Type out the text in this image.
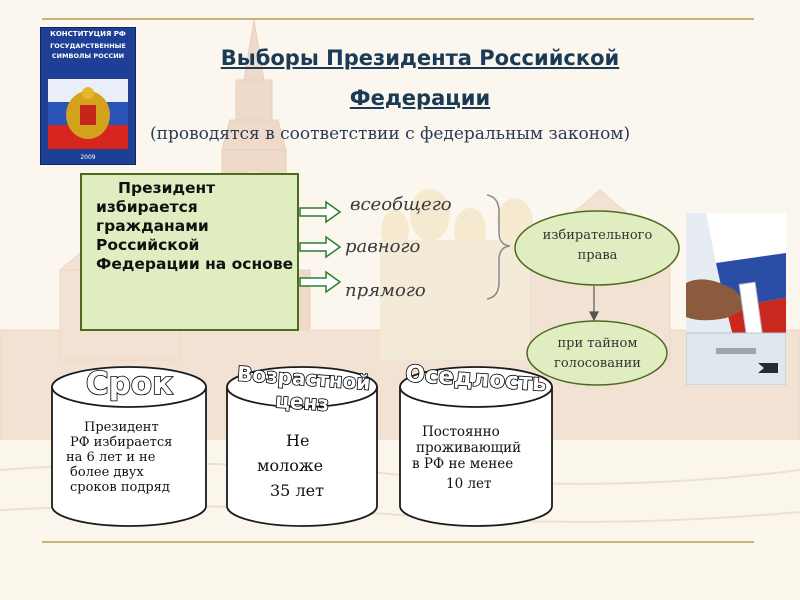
КОНСТИТУЦИЯ РФ
ГОСУДАРСТВЕННЫЕ
СИМВОЛЫ РОССИИ
2009
Выборы Президента Российской
Федерации
(проводятся в соответствии с федеральным законом)
Президент избирается гражданами Российской Федерации на основе
всеобщего
равного
прямого
избирательного
права
при тайном
голосовании
Срок	Возрастной ценз
Оседлость
Президент
РФ избирается
на 6 лет и не
более двух
сроков подряд
Не
моложе
35 лет
Постоянно
проживающий
в РФ не менее
10 лет
